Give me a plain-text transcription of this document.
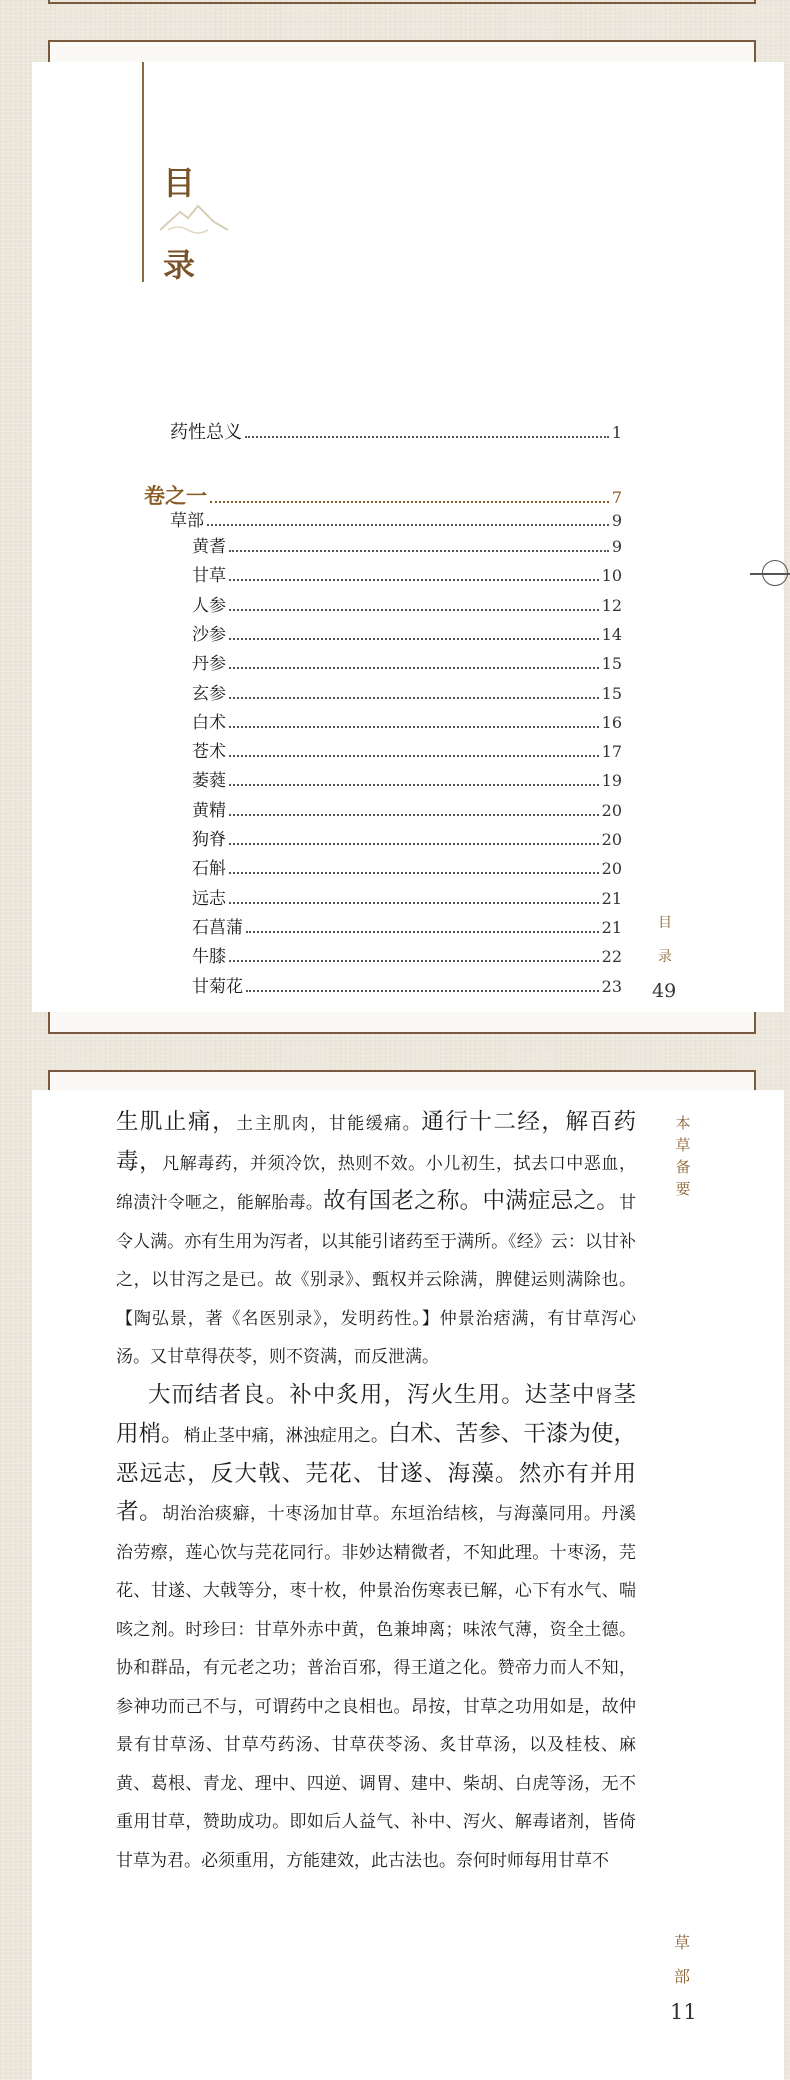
目
录
药性总义	1
卷之一	7
草部	9
黄耆	9
甘草	10
人参	12
沙参	14
丹参	15
玄参	15
白术	16
苍术	17
萎蕤	19
黄精	20
狗脊	20
石斛	20
远志	21
石菖蒲	21
牛膝	22
甘菊花	23
目
录
49

生肌止痛，土主肌肉，甘能缓痛。通行十二经，解百药毒，凡解毒药，并须冷饮，热则不效。小儿初生，拭去口中恶血，绵渍汁令咂之，能解胎毒。故有国老之称。中满症忌之。甘令人满。亦有生用为泻者，以其能引诸药至于满所。《经》云：以甘补之，以甘泻之是已。故《别录》、甄权并云除满，脾健运则满除也。【陶弘景，著《名医别录》，发明药性。】仲景治痞满，有甘草泻心汤。又甘草得茯苓，则不资满，而反泄满。

大而结者良。补中炙用，泻火生用。达茎中肾茎用梢。梢止茎中痛，淋浊症用之。白术、苦参、干漆为使，恶远志，反大戟、芫花、甘遂、海藻。然亦有并用者。胡治治痰癖，十枣汤加甘草。东垣治结核，与海藻同用。丹溪治劳瘵，莲心饮与芫花同行。非妙达精微者，不知此理。十枣汤，芫花、甘遂、大戟等分，枣十枚，仲景治伤寒表已解，心下有水气、喘咳之剂。时珍曰：甘草外赤中黄，色兼坤离；味浓气薄，资全土德。协和群品，有元老之功；普治百邪，得王道之化。赞帝力而人不知，参神功而己不与，可谓药中之良相也。昂按，甘草之功用如是，故仲景有甘草汤、甘草芍药汤、甘草茯苓汤、炙甘草汤，以及桂枝、麻黄、葛根、青龙、理中、四逆、调胃、建中、柴胡、白虎等汤，无不重用甘草，赞助成功。即如后人益气、补中、泻火、解毒诸剂，皆倚甘草为君。必须重用，方能建效，此古法也。奈何时师每用甘草不

本
草
备
要
草
部
11
